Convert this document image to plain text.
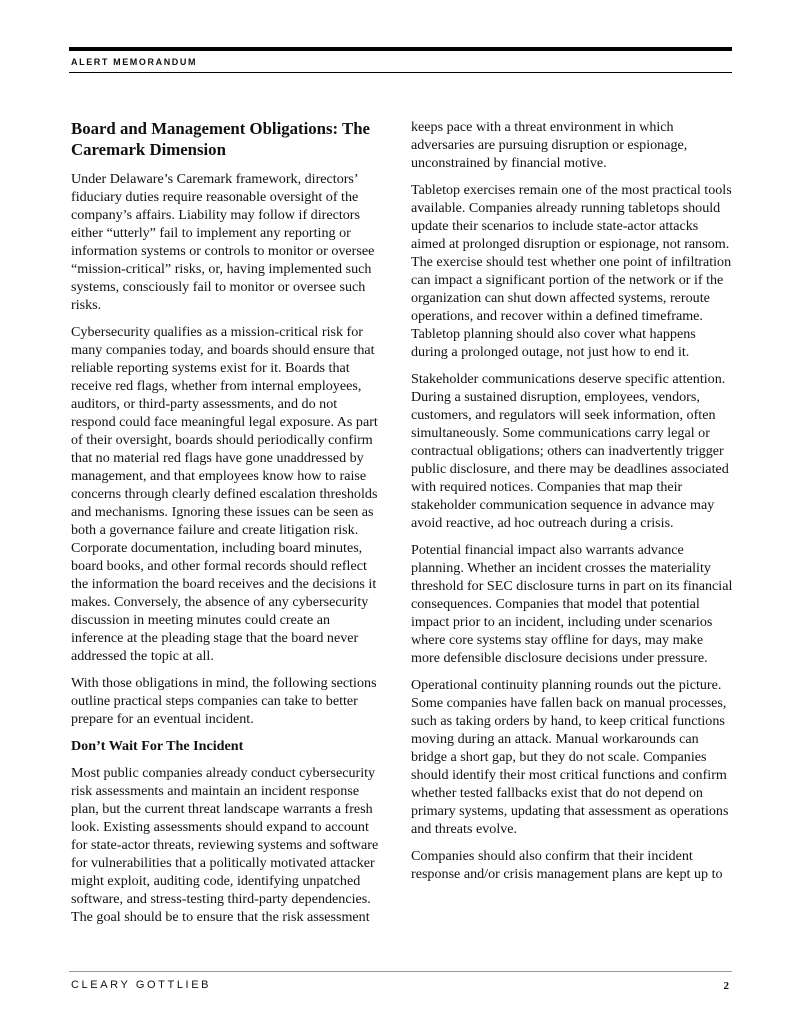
ALERT MEMORANDUM
Board and Management Obligations: The Caremark Dimension

Under Delaware’s Caremark framework, directors’ fiduciary duties require reasonable oversight of the company’s affairs. Liability may follow if directors either “utterly” fail to implement any reporting or information systems or controls to monitor or oversee “mission-critical” risks, or, having implemented such systems, consciously fail to monitor or oversee such risks.

Cybersecurity qualifies as a mission-critical risk for many companies today, and boards should ensure that reliable reporting systems exist for it. Boards that receive red flags, whether from internal employees, auditors, or third-party assessments, and do not respond could face meaningful legal exposure. As part of their oversight, boards should periodically confirm that no material red flags have gone unaddressed by management, and that employees know how to raise concerns through clearly defined escalation thresholds and mechanisms. Ignoring these issues can be seen as both a governance failure and create litigation risk. Corporate documentation, including board minutes, board books, and other formal records should reflect the information the board receives and the decisions it makes. Conversely, the absence of any cybersecurity discussion in meeting minutes could create an inference at the pleading stage that the board never addressed the topic at all.

With those obligations in mind, the following sections outline practical steps companies can take to better prepare for an eventual incident.

Don’t Wait For The Incident

Most public companies already conduct cybersecurity risk assessments and maintain an incident response plan, but the current threat landscape warrants a fresh look. Existing assessments should expand to account for state-actor threats, reviewing systems and software for vulnerabilities that a politically motivated attacker might exploit, auditing code, identifying unpatched software, and stress-testing third-party dependencies. The goal should be to ensure that the risk assessment

keeps pace with a threat environment in which adversaries are pursuing disruption or espionage, unconstrained by financial motive.

Tabletop exercises remain one of the most practical tools available. Companies already running tabletops should update their scenarios to include state-actor attacks aimed at prolonged disruption or espionage, not ransom. The exercise should test whether one point of infiltration can impact a significant portion of the network or if the organization can shut down affected systems, reroute operations, and recover within a defined timeframe. Tabletop planning should also cover what happens during a prolonged outage, not just how to end it.

Stakeholder communications deserve specific attention. During a sustained disruption, employees, vendors, customers, and regulators will seek information, often simultaneously. Some communications carry legal or contractual obligations; others can inadvertently trigger public disclosure, and there may be deadlines associated with required notices. Companies that map their stakeholder communication sequence in advance may avoid reactive, ad hoc outreach during a crisis.

Potential financial impact also warrants advance planning. Whether an incident crosses the materiality threshold for SEC disclosure turns in part on its financial consequences. Companies that model that potential impact prior to an incident, including under scenarios where core systems stay offline for days, may make more defensible disclosure decisions under pressure.

Operational continuity planning rounds out the picture. Some companies have fallen back on manual processes, such as taking orders by hand, to keep critical functions moving during an attack. Manual workarounds can bridge a short gap, but they do not scale. Companies should identify their most critical functions and confirm whether tested fallbacks exist that do not depend on primary systems, updating that assessment as operations and threats evolve.

Companies should also confirm that their incident response and/or crisis management plans are kept up to

CLEARY GOTTLIEB	2
